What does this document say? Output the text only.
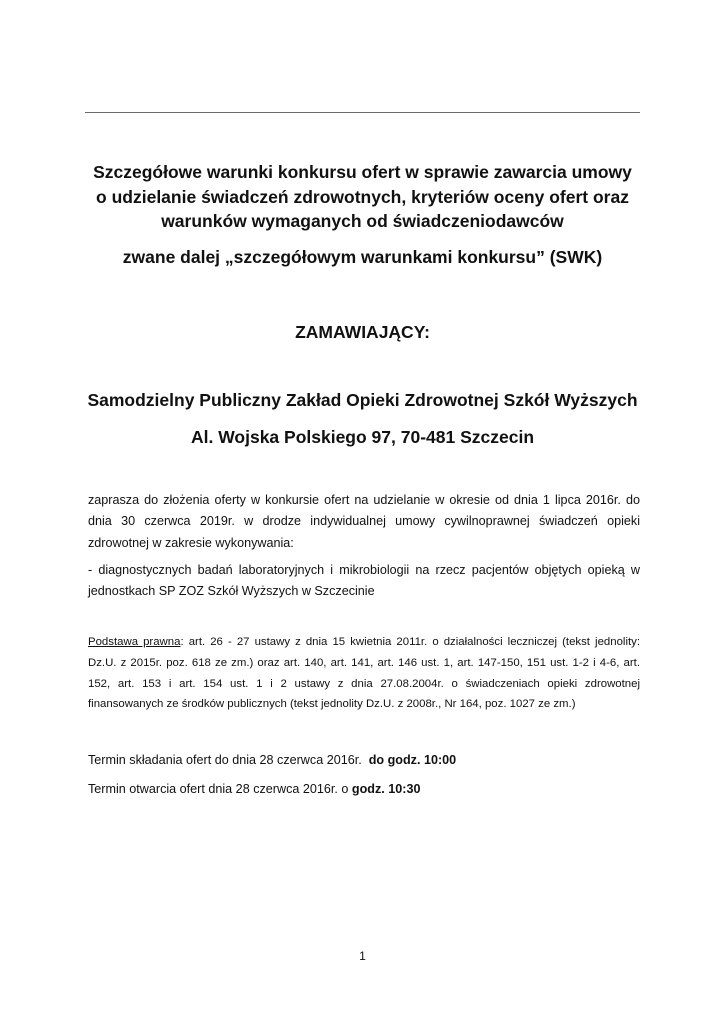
Szczegółowe warunki konkursu ofert w sprawie zawarcia umowy
o udzielanie świadczeń zdrowotnych, kryteriów oceny ofert oraz
warunków wymaganych od świadczeniodawców
zwane dalej „szczegółowym warunkami konkursu” (SWK)
ZAMAWIAJĄCY:
Samodzielny Publiczny Zakład Opieki Zdrowotnej Szkół Wyższych
Al. Wojska Polskiego 97, 70-481 Szczecin

zaprasza do złożenia oferty w konkursie ofert na udzielanie w okresie od dnia 1 lipca 2016r. do dnia 30 czerwca 2019r. w drodze indywidualnej umowy cywilnoprawnej świadczeń opieki zdrowotnej w zakresie wykonywania:

- diagnostycznych badań laboratoryjnych i mikrobiologii na rzecz pacjentów objętych opieką w jednostkach SP ZOZ Szkół Wyższych w Szczecinie

Podstawa prawna: art. 26 - 27 ustawy z dnia 15 kwietnia 2011r. o działalności leczniczej (tekst jednolity: Dz.U. z 2015r. poz. 618 ze zm.) oraz art. 140, art. 141, art. 146 ust. 1, art. 147-150, 151 ust. 1-2 i 4-6, art. 152, art. 153 i art. 154 ust. 1 i 2 ustawy z dnia 27.08.2004r. o świadczeniach opieki zdrowotnej finansowanych ze środków publicznych (tekst jednolity Dz.U. z 2008r., Nr 164, poz. 1027 ze zm.)

Termin składania ofert do dnia 28 czerwca 2016r.  do godz. 10:00

Termin otwarcia ofert dnia 28 czerwca 2016r. o godz. 10:30

1
